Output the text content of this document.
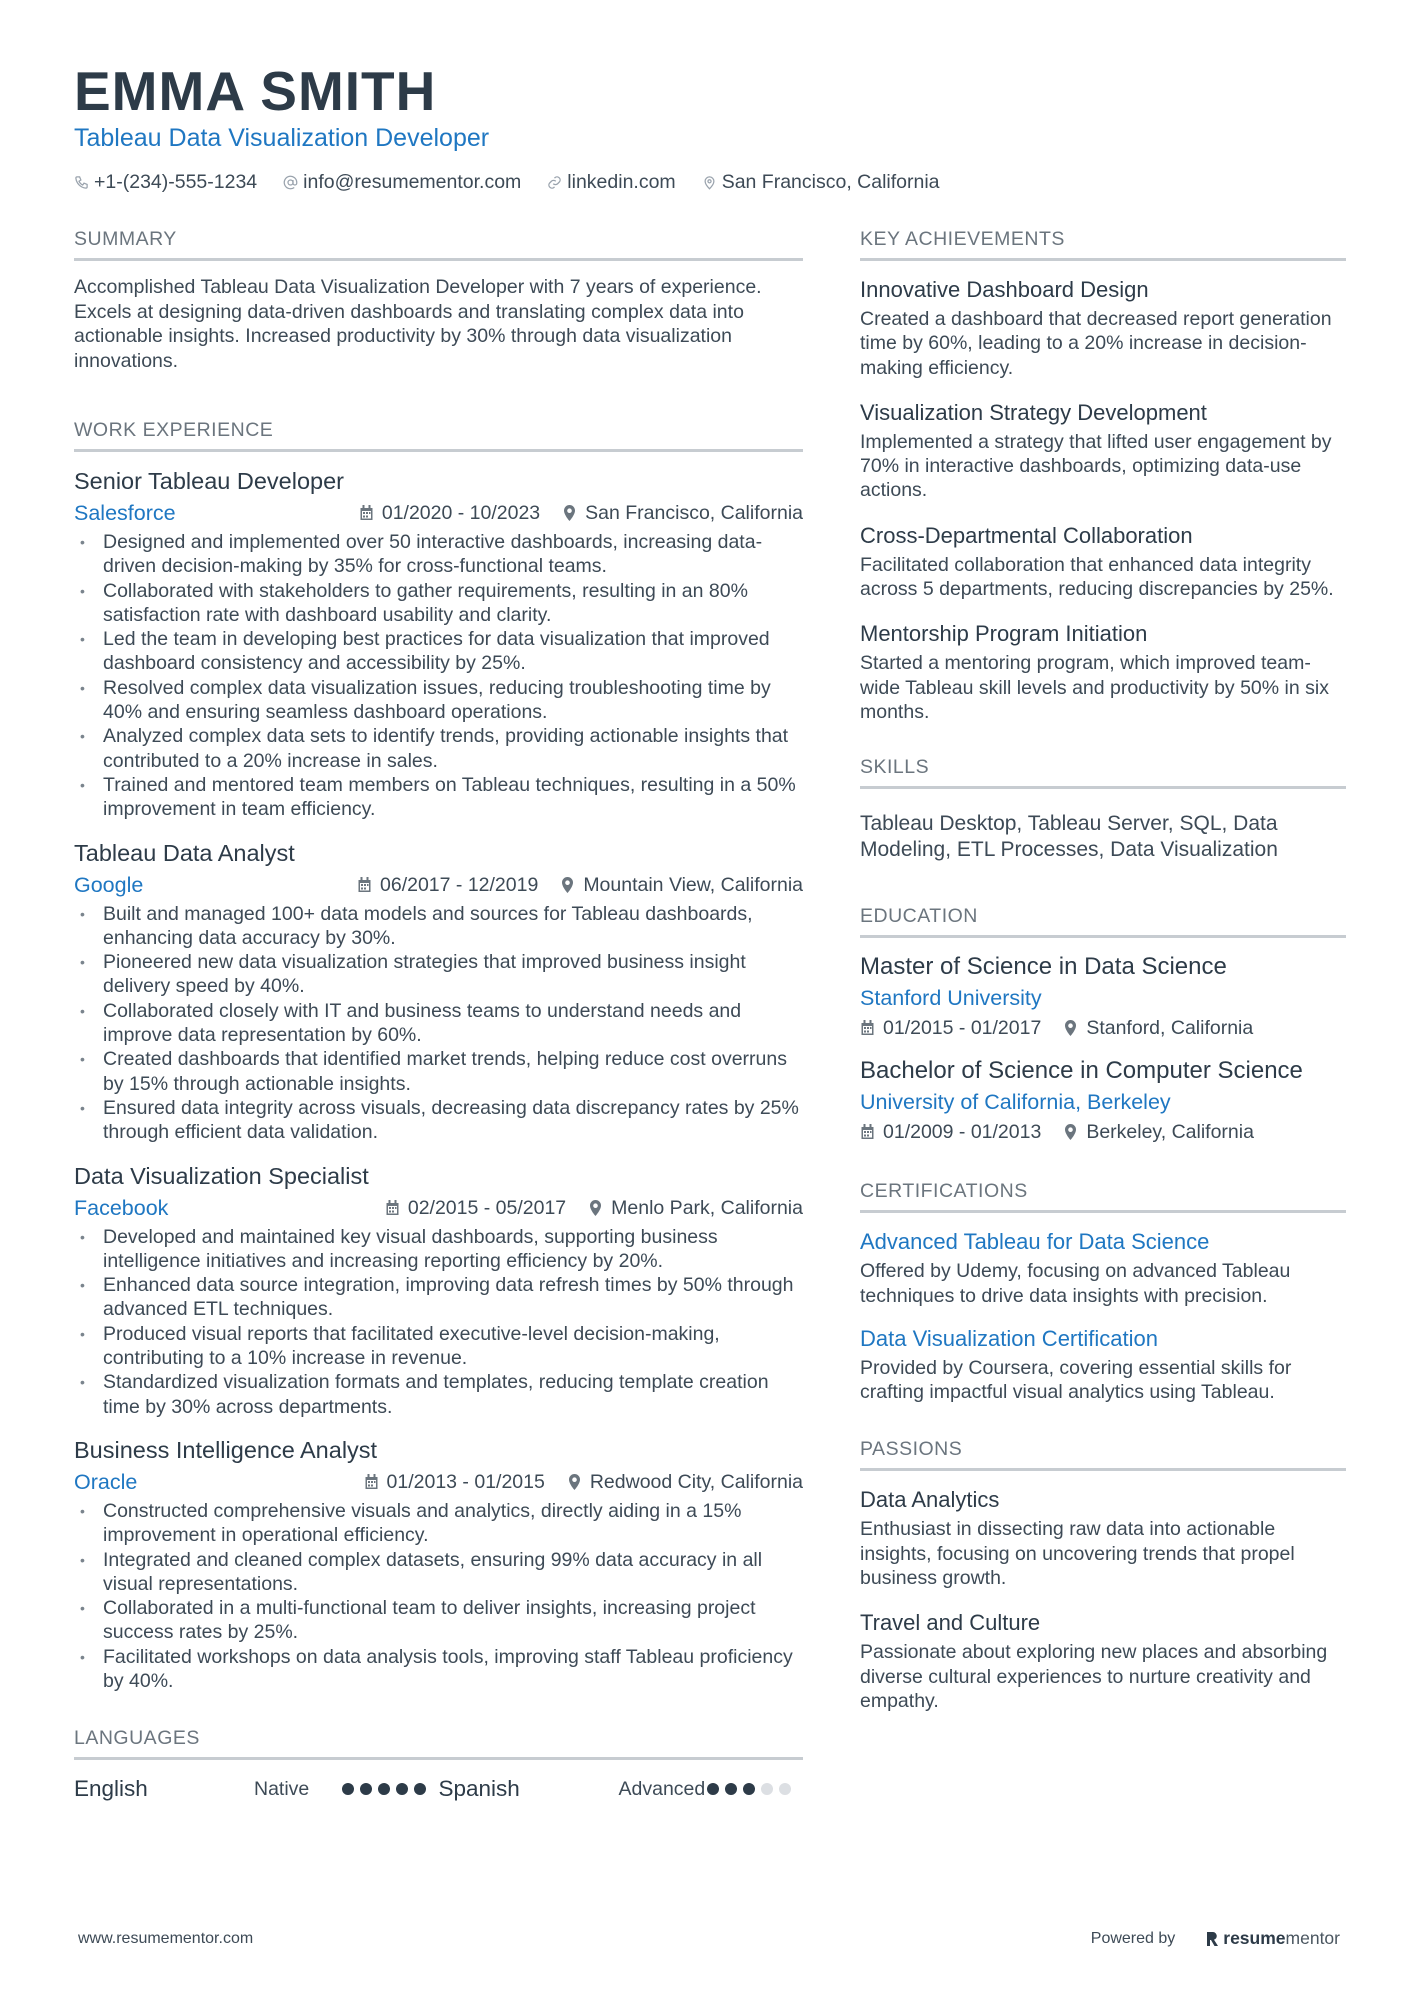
EMMA SMITH
Tableau Data Visualization Developer
+1-(234)-555-1234 info@resumementor.com linkedin.com San Francisco, California
SUMMARY
Accomplished Tableau Data Visualization Developer with 7 years of experience. Excels at designing data-driven dashboards and translating complex data into actionable insights. Increased productivity by 30% through data visualization innovations.
WORK EXPERIENCE
Senior Tableau Developer
Salesforce	01/2020 - 10/2023 San Francisco, California
• Designed and implemented over 50 interactive dashboards, increasing data-driven decision-making by 35% for cross-functional teams.
• Collaborated with stakeholders to gather requirements, resulting in an 80% satisfaction rate with dashboard usability and clarity.
• Led the team in developing best practices for data visualization that improved dashboard consistency and accessibility by 25%.
• Resolved complex data visualization issues, reducing troubleshooting time by 40% and ensuring seamless dashboard operations.
• Analyzed complex data sets to identify trends, providing actionable insights that contributed to a 20% increase in sales.
• Trained and mentored team members on Tableau techniques, resulting in a 50% improvement in team efficiency.
Tableau Data Analyst
Google	06/2017 - 12/2019 Mountain View, California
• Built and managed 100+ data models and sources for Tableau dashboards, enhancing data accuracy by 30%.
• Pioneered new data visualization strategies that improved business insight delivery speed by 40%.
• Collaborated closely with IT and business teams to understand needs and improve data representation by 60%.
• Created dashboards that identified market trends, helping reduce cost overruns by 15% through actionable insights.
• Ensured data integrity across visuals, decreasing data discrepancy rates by 25% through efficient data validation.
Data Visualization Specialist
Facebook	02/2015 - 05/2017 Menlo Park, California
• Developed and maintained key visual dashboards, supporting business intelligence initiatives and increasing reporting efficiency by 20%.
• Enhanced data source integration, improving data refresh times by 50% through advanced ETL techniques.
• Produced visual reports that facilitated executive-level decision-making, contributing to a 10% increase in revenue.
• Standardized visualization formats and templates, reducing template creation time by 30% across departments.
Business Intelligence Analyst
Oracle	01/2013 - 01/2015 Redwood City, California
• Constructed comprehensive visuals and analytics, directly aiding in a 15% improvement in operational efficiency.
• Integrated and cleaned complex datasets, ensuring 99% data accuracy in all visual representations.
• Collaborated in a multi-functional team to deliver insights, increasing project success rates by 25%.
• Facilitated workshops on data analysis tools, improving staff Tableau proficiency by 40%.
LANGUAGES
English	Native	Spanish	Advanced
KEY ACHIEVEMENTS
Innovative Dashboard Design
Created a dashboard that decreased report generation time by 60%, leading to a 20% increase in decision-making efficiency.
Visualization Strategy Development
Implemented a strategy that lifted user engagement by 70% in interactive dashboards, optimizing data-use actions.
Cross-Departmental Collaboration
Facilitated collaboration that enhanced data integrity across 5 departments, reducing discrepancies by 25%.
Mentorship Program Initiation
Started a mentoring program, which improved team-wide Tableau skill levels and productivity by 50% in six months.
SKILLS
Tableau Desktop, Tableau Server, SQL, Data Modeling, ETL Processes, Data Visualization
EDUCATION
Master of Science in Data Science
Stanford University
01/2015 - 01/2017 Stanford, California
Bachelor of Science in Computer Science
University of California, Berkeley
01/2009 - 01/2013 Berkeley, California
CERTIFICATIONS
Advanced Tableau for Data Science
Offered by Udemy, focusing on advanced Tableau techniques to drive data insights with precision.
Data Visualization Certification
Provided by Coursera, covering essential skills for crafting impactful visual analytics using Tableau.
PASSIONS
Data Analytics
Enthusiast in dissecting raw data into actionable insights, focusing on uncovering trends that propel business growth.
Travel and Culture
Passionate about exploring new places and absorbing diverse cultural experiences to nurture creativity and empathy.
www.resumementor.com	Powered by	resume mentor
